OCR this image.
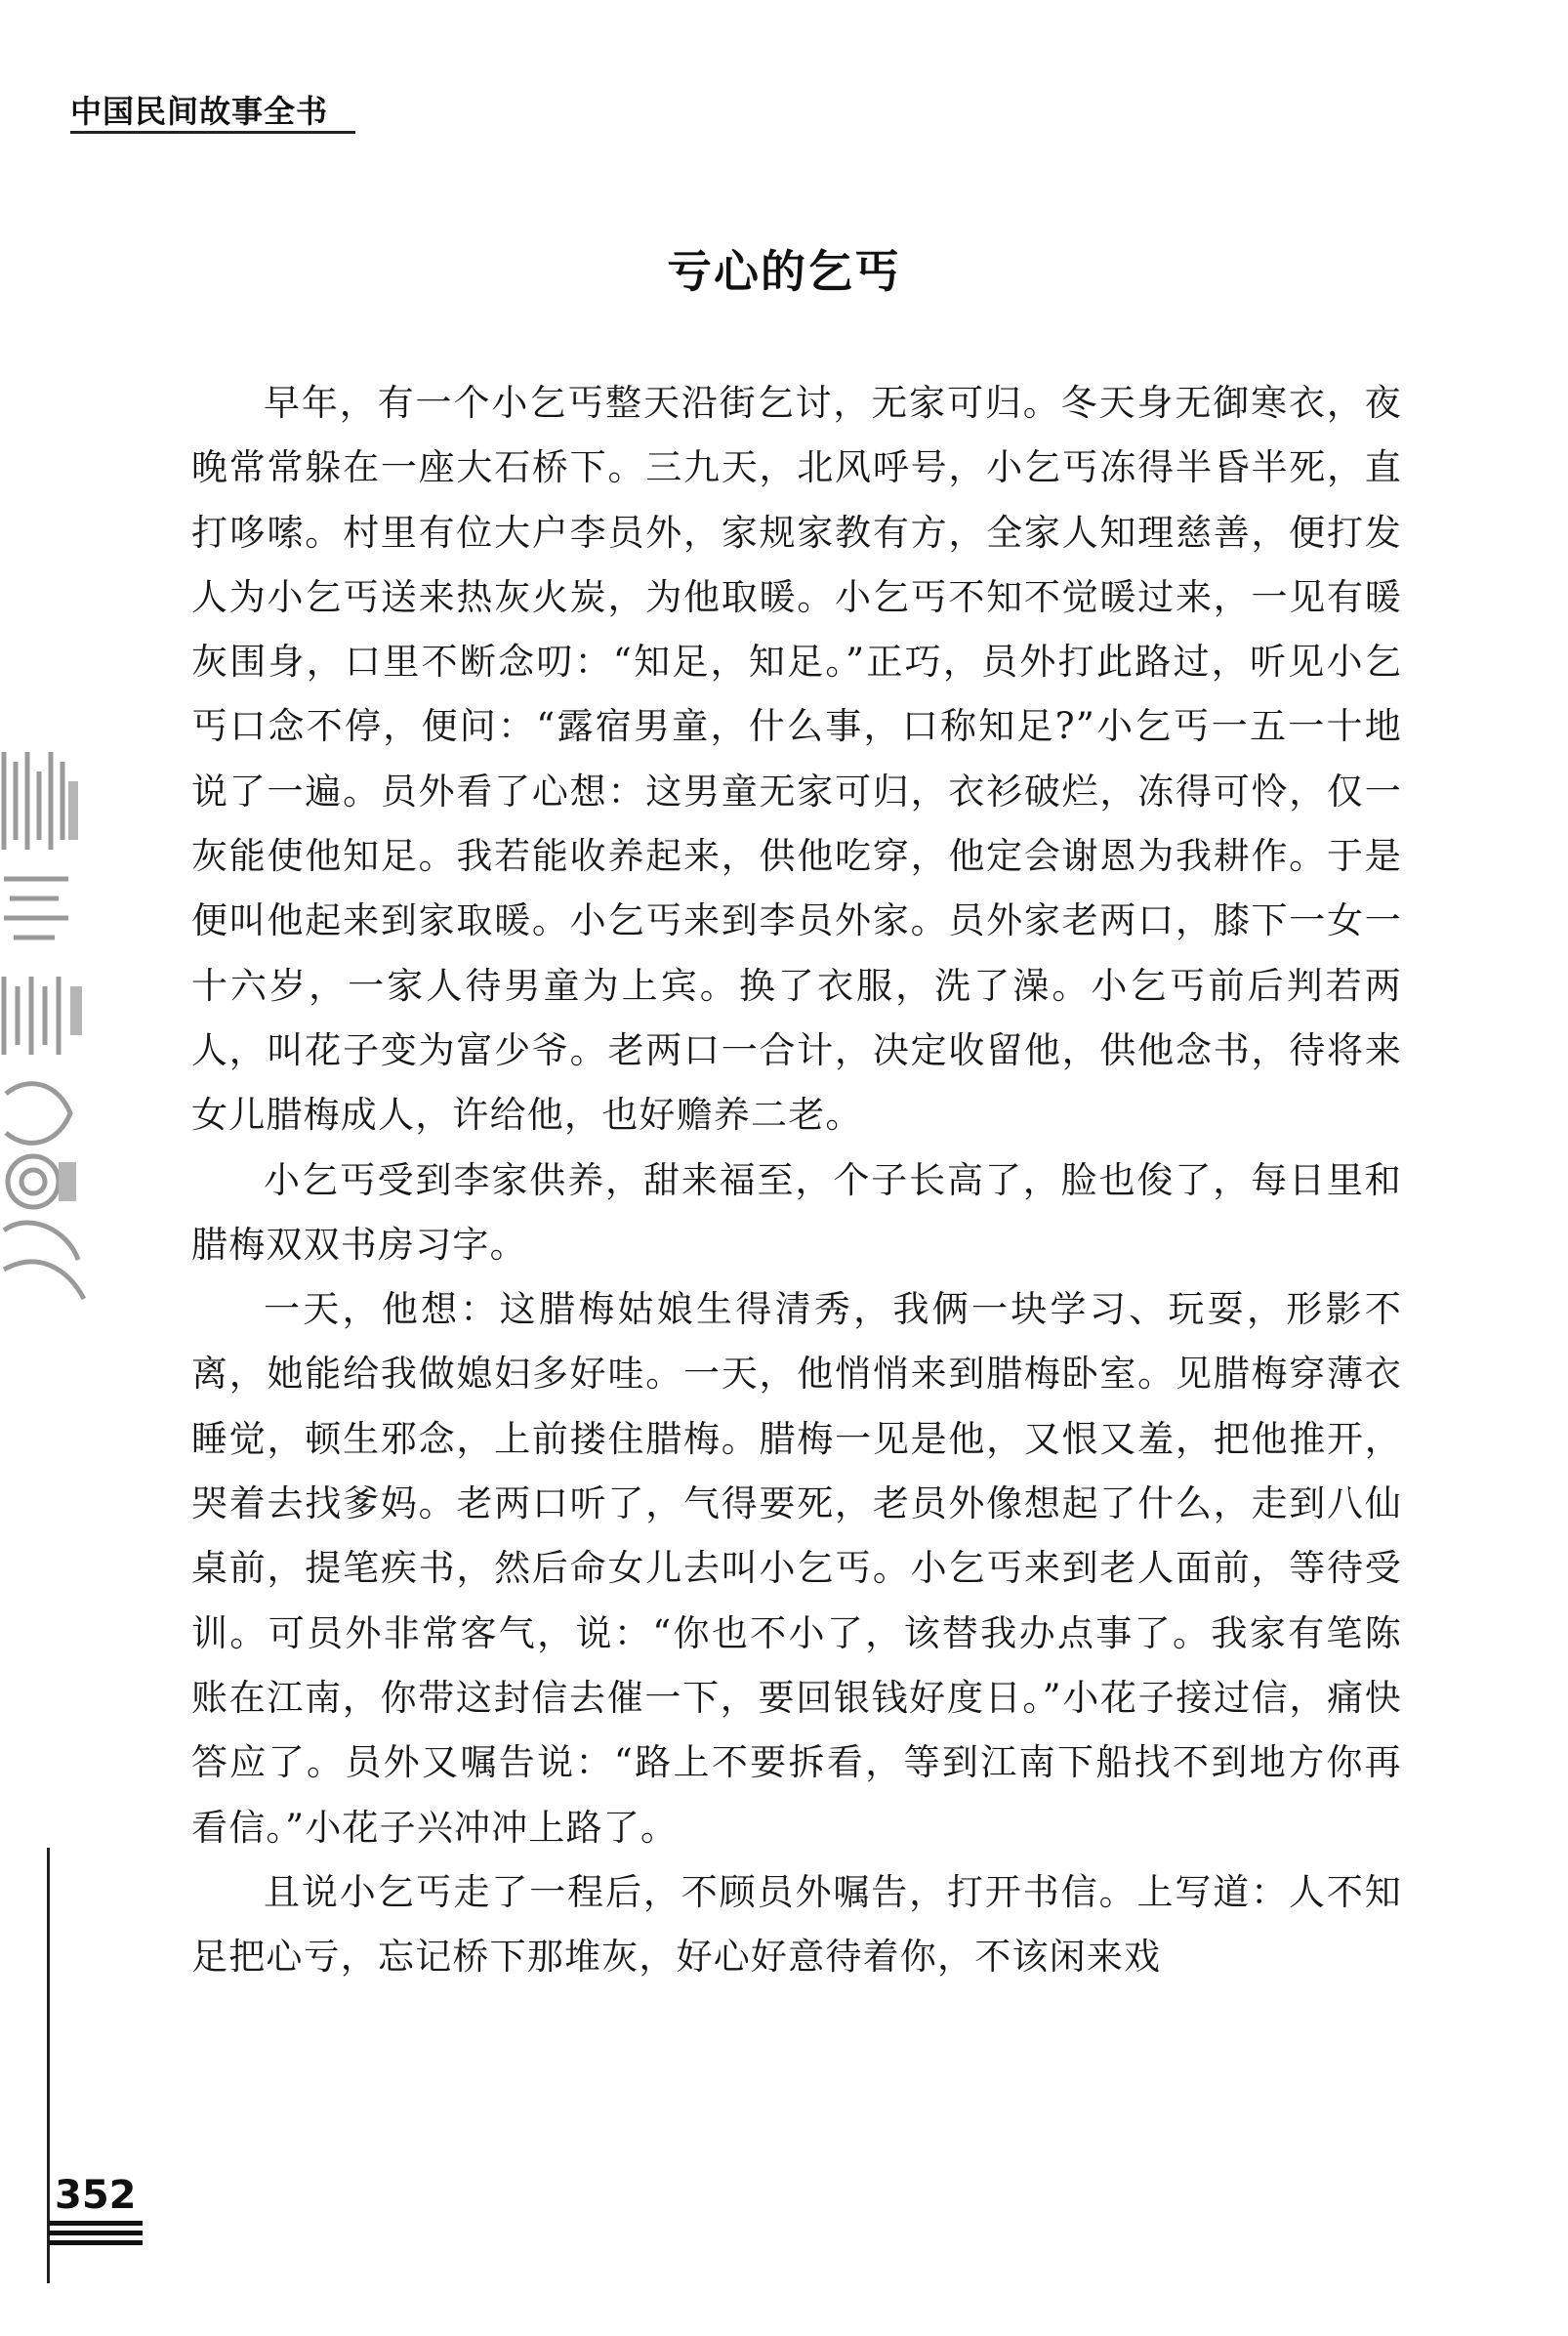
中国民间故事全书
亏心的乞丐

早年，有一个小乞丐整天沿街乞讨，无家可归。冬天身无御寒衣，夜晚常常躲在一座大石桥下。三九天，北风呼号，小乞丐冻得半昏半死，直打哆嗦。村里有位大户李员外，家规家教有方，全家人知理慈善，便打发人为小乞丐送来热灰火炭，为他取暖。小乞丐不知不觉暖过来，一见有暖灰围身，口里不断念叨：“知足，知足。”正巧，员外打此路过，听见小乞丐口念不停，便问：“露宿男童，什么事，口称知足?”小乞丐一五一十地说了一遍。员外看了心想：这男童无家可归，衣衫破烂，冻得可怜，仅一灰能使他知足。我若能收养起来，供他吃穿，他定会谢恩为我耕作。于是便叫他起来到家取暖。小乞丐来到李员外家。员外家老两口，膝下一女一十六岁，一家人待男童为上宾。换了衣服，洗了澡。小乞丐前后判若两人，叫花子变为富少爷。老两口一合计，决定收留他，供他念书，待将来女儿腊梅成人，许给他，也好赡养二老。

小乞丐受到李家供养，甜来福至，个子长高了，脸也俊了，每日里和腊梅双双书房习字。

一天，他想：这腊梅姑娘生得清秀，我俩一块学习、玩耍，形影不离，她能给我做媳妇多好哇。一天，他悄悄来到腊梅卧室。见腊梅穿薄衣睡觉，顿生邪念，上前搂住腊梅。腊梅一见是他，又恨又羞，把他推开，哭着去找爹妈。老两口听了，气得要死，老员外像想起了什么，走到八仙桌前，提笔疾书，然后命女儿去叫小乞丐。小乞丐来到老人面前，等待受训。可员外非常客气，说：“你也不小了，该替我办点事了。我家有笔陈账在江南，你带这封信去催一下，要回银钱好度日。”小花子接过信，痛快答应了。员外又嘱告说：“路上不要拆看，等到江南下船找不到地方你再看信。”小花子兴冲冲上路了。

且说小乞丐走了一程后，不顾员外嘱告，打开书信。上写道：人不知足把心亏，忘记桥下那堆灰，好心好意待着你，不该闲来戏

352
